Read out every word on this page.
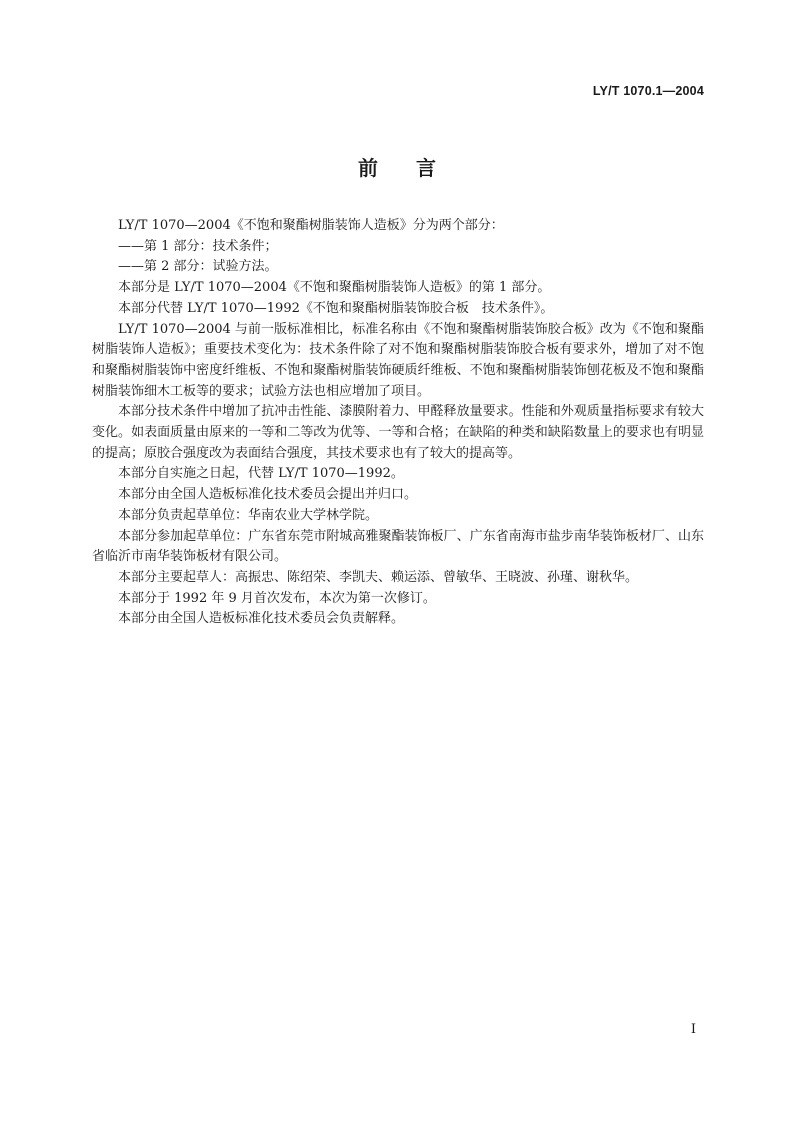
LY/T 1070.1—2004
前言

LY/T 1070—2004《不饱和聚酯树脂装饰人造板》分为两个部分：

——第 1 部分：技术条件；

——第 2 部分：试验方法。

本部分是 LY/T 1070—2004《不饱和聚酯树脂装饰人造板》的第 1 部分。

本部分代替 LY/T 1070—1992《不饱和聚酯树脂装饰胶合板　技术条件》。

LY/T 1070—2004 与前一版标准相比，标准名称由《不饱和聚酯树脂装饰胶合板》改为《不饱和聚酯树脂装饰人造板》；重要技术变化为：技术条件除了对不饱和聚酯树脂装饰胶合板有要求外，增加了对不饱和聚酯树脂装饰中密度纤维板、不饱和聚酯树脂装饰硬质纤维板、不饱和聚酯树脂装饰刨花板及不饱和聚酯树脂装饰细木工板等的要求；试验方法也相应增加了项目。

本部分技术条件中增加了抗冲击性能、漆膜附着力、甲醛释放量要求。性能和外观质量指标要求有较大变化。如表面质量由原来的一等和二等改为优等、一等和合格；在缺陷的种类和缺陷数量上的要求也有明显的提高；原胶合强度改为表面结合强度，其技术要求也有了较大的提高等。

本部分自实施之日起，代替 LY/T 1070—1992。

本部分由全国人造板标准化技术委员会提出并归口。

本部分负责起草单位：华南农业大学林学院。

本部分参加起草单位：广东省东莞市附城高雅聚酯装饰板厂、广东省南海市盐步南华装饰板材厂、山东省临沂市南华装饰板材有限公司。

本部分主要起草人：高振忠、陈绍荣、李凯夫、赖运添、曾敏华、王晓波、孙瑾、谢秋华。

本部分于 1992 年 9 月首次发布，本次为第一次修订。

本部分由全国人造板标准化技术委员会负责解释。

I
